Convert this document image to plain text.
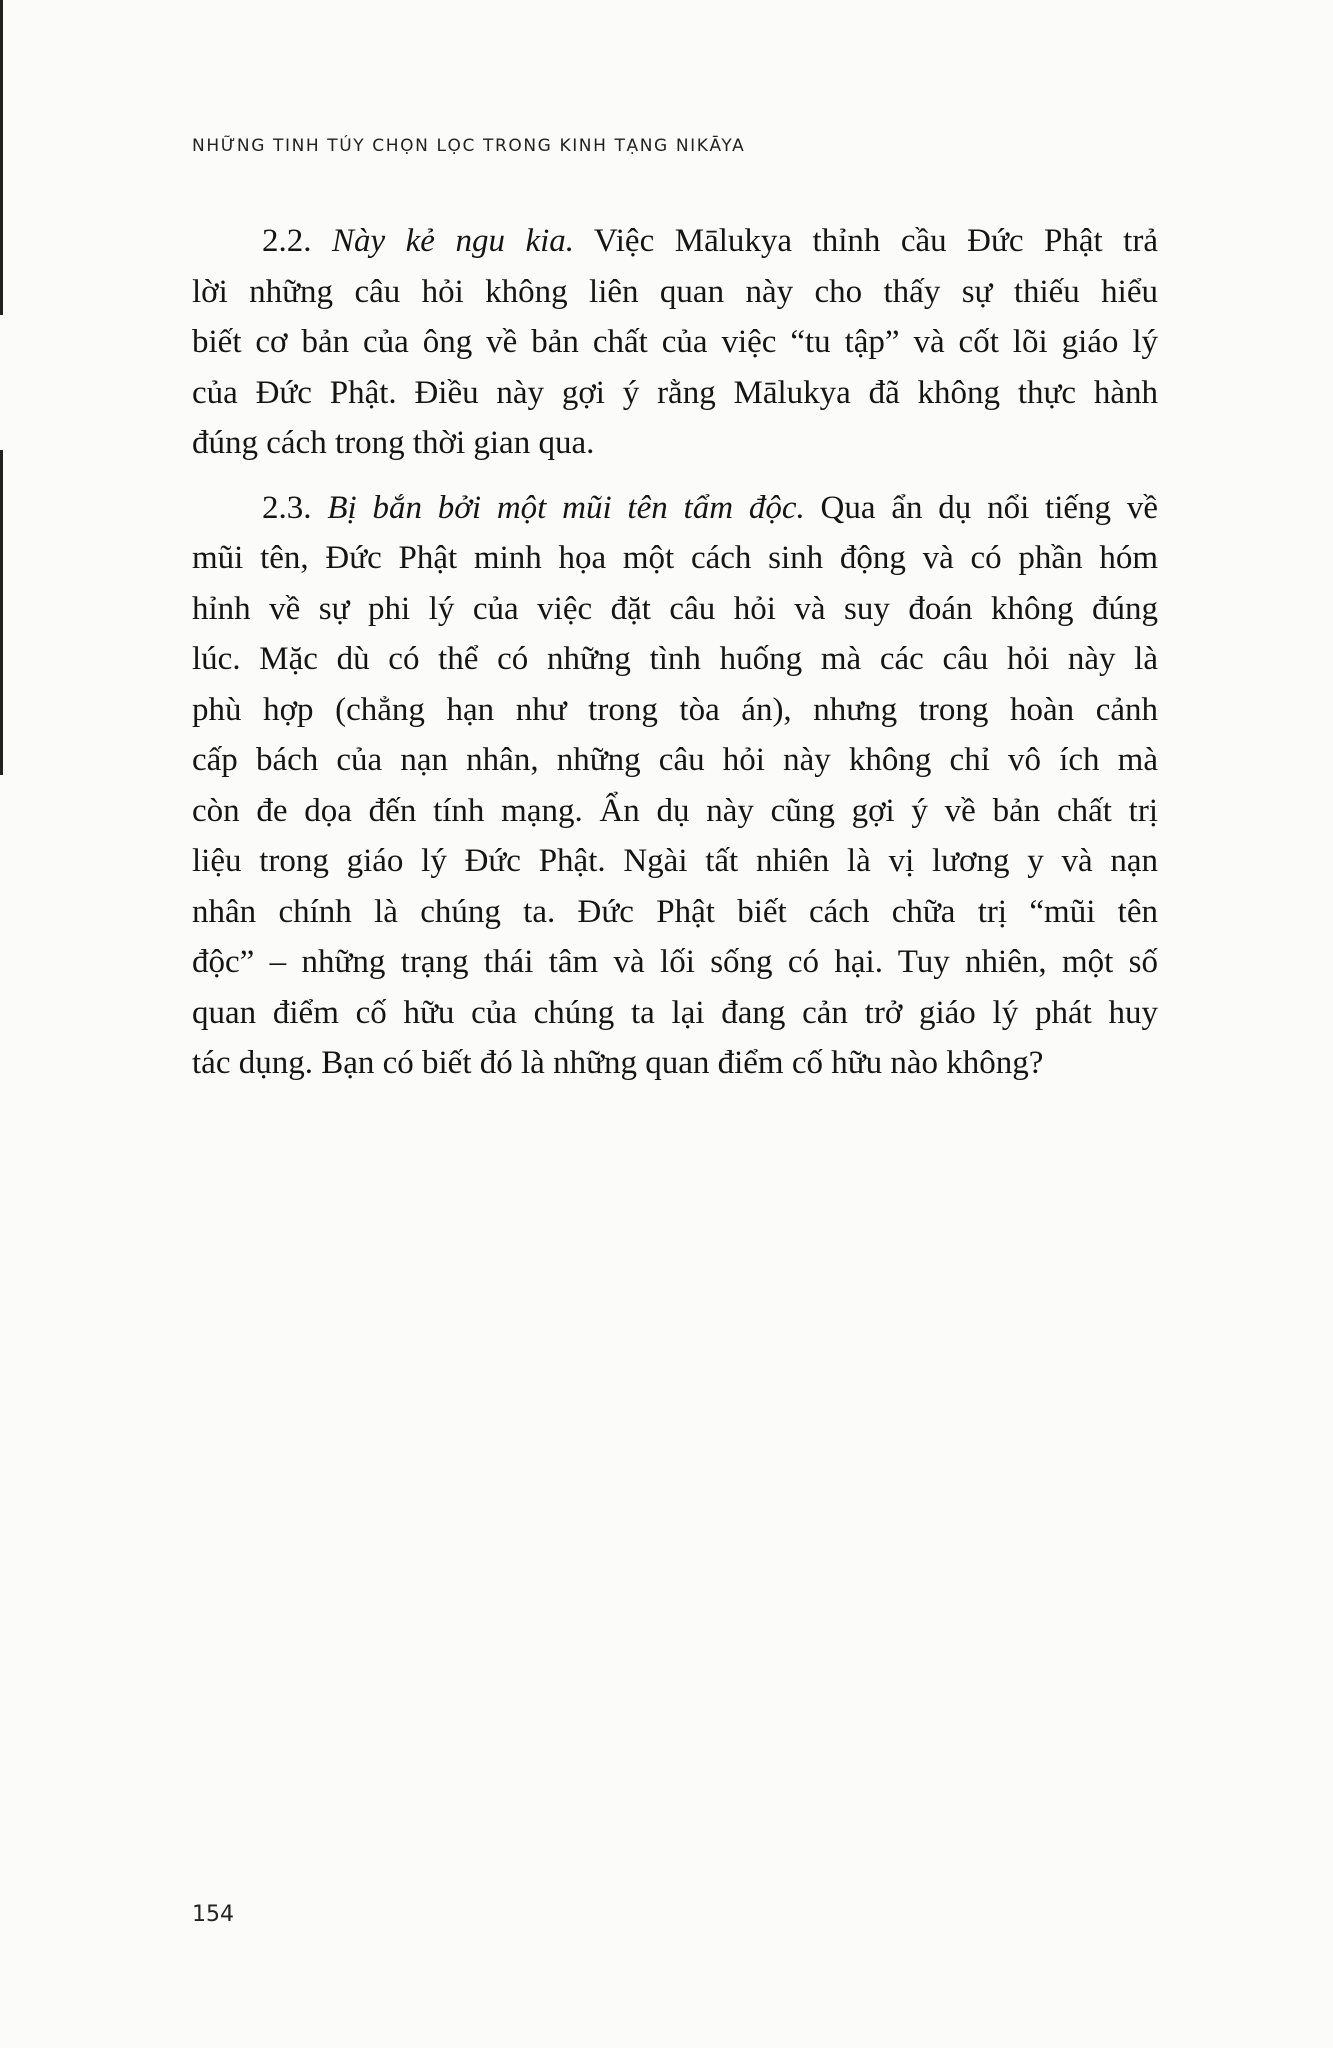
NHỮNG TINH TÚY CHỌN LỌC TRONG KINH TẠNG NIKĀYA
2.2. Này kẻ ngu kia. Việc Mālukya thỉnh cầu Đức Phật trả
lời những câu hỏi không liên quan này cho thấy sự thiếu hiểu
biết cơ bản của ông về bản chất của việc “tu tập” và cốt lõi giáo lý
của Đức Phật. Điều này gợi ý rằng Mālukya đã không thực hành
đúng cách trong thời gian qua.
2.3. Bị bắn bởi một mũi tên tẩm độc. Qua ẩn dụ nổi tiếng về
mũi tên, Đức Phật minh họa một cách sinh động và có phần hóm
hỉnh về sự phi lý của việc đặt câu hỏi và suy đoán không đúng
lúc. Mặc dù có thể có những tình huống mà các câu hỏi này là
phù hợp (chẳng hạn như trong tòa án), nhưng trong hoàn cảnh
cấp bách của nạn nhân, những câu hỏi này không chỉ vô ích mà
còn đe dọa đến tính mạng. Ẩn dụ này cũng gợi ý về bản chất trị
liệu trong giáo lý Đức Phật. Ngài tất nhiên là vị lương y và nạn
nhân chính là chúng ta. Đức Phật biết cách chữa trị “mũi tên
độc” – những trạng thái tâm và lối sống có hại. Tuy nhiên, một số
quan điểm cố hữu của chúng ta lại đang cản trở giáo lý phát huy
tác dụng. Bạn có biết đó là những quan điểm cố hữu nào không?
154
